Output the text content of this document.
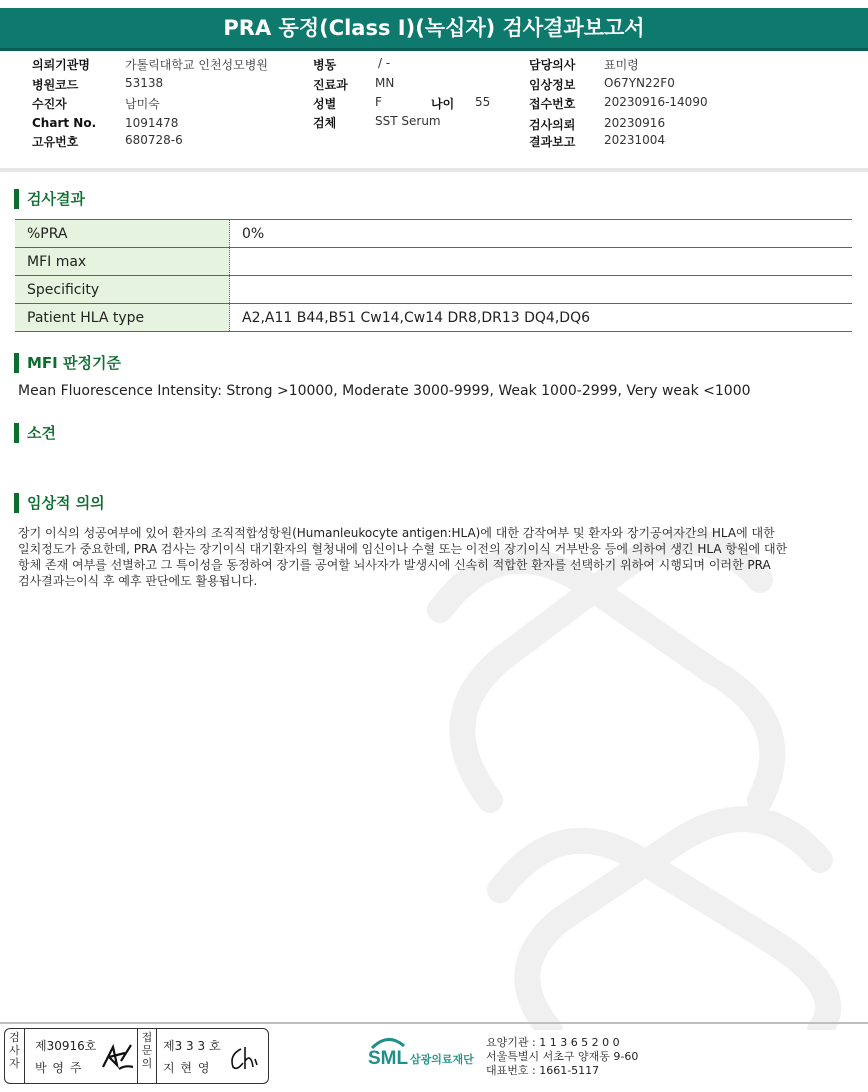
PRA 동정(Class I)(녹십자) 검사결과보고서
의뢰기관명	가톨릭대학교 인천성모병원
병원코드	53138
수진자	남미숙
Chart No. 1091478
고유번호	680728-6
병동	/ -
진료과 MN
성별	F	나이 55
검체	SST Serum
담당의사 표미령
임상정보 O67YN22F0
접수번호 20230916-14090
검사의뢰 20230916
결과보고 20231004
검사결과
%PRA	0%
MFI max	
Specificity	
Patient HLA type	A2,A11 B44,B51 Cw14,Cw14 DR8,DR13 DQ4,DQ6
MFI 판정기준
Mean Fluorescence Intensity: Strong >10000, Moderate 3000-9999, Weak 1000-2999, Very weak <1000
소견
임상적 의의
장기 이식의 성공여부에 있어 환자의 조직적합성항원(Humanleukocyte antigen:HLA)에 대한 감작여부 및 환자와 장기공여자간의 HLA에 대한
일치정도가 중요한데, PRA 검사는 장기이식 대기환자의 혈청내에 임신이나 수혈 또는 이전의 장기이식 거부반응 등에 의하여 생긴 HLA 항원에 대한
항체 존재 여부를 선별하고 그 특이성을 동정하여 장기를 공여할 뇌사자가 발생시에 신속히 적합한 환자를 선택하기 위하여 시행되며 이러한 PRA
검사결과는이식 후 예후 판단에도 활용됩니다.
검사자
제30916호
박 영 주
접문의
제3 3 3 호
지 현 영	SML 삼광의료재단
요양기관 : 1 1 3 6 5 2 0 0
서울특별시 서초구 양재동 9-60
대표번호 : 1661-5117
